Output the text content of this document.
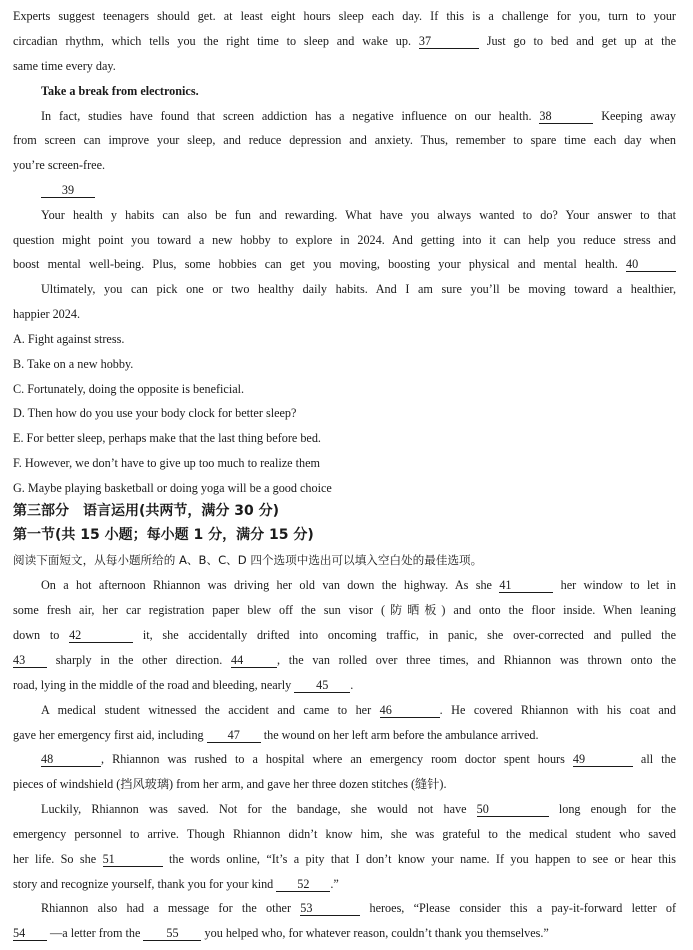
Experts suggest teenagers should get. at least eight hours sleep each day. If this is a challenge for you, turn to your
circadian rhythm, which tells you the right time to sleep and wake up. 37	Just go to bed and get up at the
same time every day.
Take a break from electronics.
In fact, studies have found that screen addiction has a negative influence on our health. 38	Keeping away
from screen can improve your sleep, and reduce depression and anxiety. Thus, remember to spare time each day when
you’re screen-free.
39
Your health y habits can also be fun and rewarding. What have you always wanted to do? Your answer to that
question might point you toward a new hobby to explore in 2024. And getting into it can help you reduce stress and
boost mental well-being. Plus, some hobbies can get you moving, boosting your physical and mental health. 40
Ultimately, you can pick one or two healthy daily habits. And I am sure you’ll be moving toward a healthier,
happier 2024.
A. Fight against stress.
B. Take on a new hobby.
C. Fortunately, doing the opposite is beneficial.
D. Then how do you use your body clock for better sleep?
E. For better sleep, perhaps make that the last thing before bed.
F. However, we don’t have to give up too much to realize them
G. Maybe playing basketball or doing yoga will be a good choice
第三部分　语言运用(共两节，满分 30 分)
第一节(共 15 小题；每小题 1 分，满分 15 分)
阅读下面短文，从每小题所给的 A、B、C、D 四个选项中选出可以填入空白处的最佳选项。
On a hot afternoon Rhiannon was driving her old van down the highway. As she 41	her window to let in
some fresh air, her car registration paper blew off the sun visor (防晒板) and onto the floor inside. When leaning
down to 42	it, she accidentally drifted into oncoming traffic, in panic, she over-corrected and pulled the
43	sharply in the other direction. 44	, the van rolled over three times, and Rhiannon was thrown onto the
road, lying in the middle of the road and bleeding, nearly 45 .
A medical student witnessed the accident and came to her 46	. He covered Rhiannon with his coat and
gave her emergency first aid, including 47 the wound on her left arm before the ambulance arrived.
48	, Rhiannon was rushed to a hospital where an emergency room doctor spent hours 49	all the
pieces of windshield (挡风玻璃) from her arm, and gave her three dozen stitches (缝针).
Luckily, Rhiannon was saved. Not for the bandage, she would not have 50	long enough for the
emergency personnel to arrive. Though Rhiannon didn’t know him, she was grateful to the medical student who saved
her life. So she 51	the words online, “It’s a pity that I don’t know your name. If you happen to see or hear this
story and recognize yourself, thank you for your kind 52 .”
Rhiannon also had a message for the other 53	heroes, “Please consider this a pay-it-forward letter of
54 —a letter from the 55 you helped who, for whatever reason, couldn’t thank you themselves.”
